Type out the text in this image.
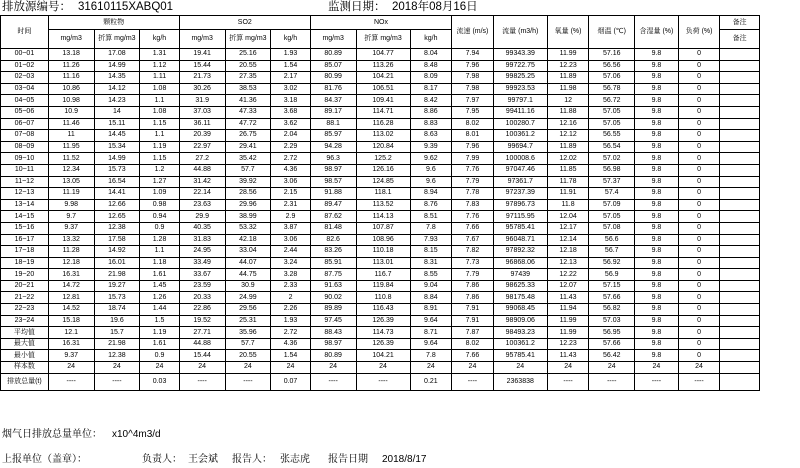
排放源编号： 31610115XABQ01	监测日期： 2018年08月16日
时间	颗粒物			SO2			NOx			流速 (m/s)	流量 (m3/h)	氧量 (%)	烟温 (℃)	含湿量 (%)	负荷 (%)	备注
	mg/m3	折算 mg/m3	kg/h	mg/m3	折算 mg/m3	kg/h	mg/m3	折算 mg/m3	kg/h							备注
00~01	13.18	17.08	1.31	19.41	25.16	1.93	80.89	104.77	8.04	7.94	99343.39	11.99	57.16	9.8	0	
01~02	11.26	14.99	1.12	15.44	20.55	1.54	85.07	113.26	8.48	7.96	99722.75	12.23	56.56	9.8	0	
02~03	11.16	14.35	1.11	21.73	27.35	2.17	80.99	104.21	8.09	7.98	99825.25	11.89	57.06	9.8	0	
03~04	10.86	14.12	1.08	30.26	38.53	3.02	81.76	106.51	8.17	7.98	99923.53	11.98	56.78	9.8	0	
04~05	10.98	14.23	1.1	31.9	41.36	3.18	84.37	109.41	8.42	7.97	99797.1	12	56.72	9.8	0	
05~06	10.9	14	1.08	37.03	47.33	3.68	89.17	114.71	8.86	7.95	99411.16	11.88	57.05	9.8	0	
06~07	11.46	15.11	1.15	36.11	47.72	3.62	88.1	116.28	8.83	8.02	100280.7	12.16	57.05	9.8	0	
07~08	11	14.45	1.1	20.39	26.75	2.04	85.97	113.02	8.63	8.01	100361.2	12.12	56.55	9.8	0	
08~09	11.95	15.34	1.19	22.97	29.41	2.29	94.28	120.84	9.39	7.96	99694.7	11.89	56.54	9.8	0	
09~10	11.52	14.99	1.15	27.2	35.42	2.72	96.3	125.2	9.62	7.99	100008.6	12.02	57.02	9.8	0	
10~11	12.34	15.73	1.2	44.88	57.7	4.36	98.97	126.16	9.6	7.76	97047.46	11.85	56.98	9.8	0	
11~12	13.05	16.54	1.27	31.42	39.92	3.06	98.57	124.85	9.6	7.79	97361.7	11.78	57.37	9.8	0	
12~13	11.19	14.41	1.09	22.14	28.56	2.15	91.88	118.1	8.94	7.78	97237.39	11.91	57.4	9.8	0	
13~14	9.98	12.66	0.98	23.63	29.96	2.31	89.47	113.52	8.76	7.83	97896.73	11.8	57.09	9.8	0	
14~15	9.7	12.65	0.94	29.9	38.99	2.9	87.62	114.13	8.51	7.76	97115.95	12.04	57.05	9.8	0	
15~16	9.37	12.38	0.9	40.35	53.32	3.87	81.48	107.87	7.8	7.66	95785.41	12.17	57.08	9.8	0	
16~17	13.32	17.58	1.28	31.83	42.18	3.06	82.6	108.96	7.93	7.67	96048.71	12.14	56.6	9.8	0	
17~18	11.28	14.92	1.1	24.95	33.04	2.44	83.26	110.18	8.15	7.82	97892.32	12.18	56.7	9.8	0	
18~19	12.18	16.01	1.18	33.49	44.07	3.24	85.91	113.01	8.31	7.73	96868.06	12.13	56.92	9.8	0	
19~20	16.31	21.98	1.61	33.67	44.75	3.28	87.75	116.7	8.55	7.79	97439	12.22	56.9	9.8	0	
20~21	14.72	19.27	1.45	23.59	30.9	2.33	91.63	119.84	9.04	7.86	98625.33	12.07	57.15	9.8	0	
21~22	12.81	15.73	1.26	20.33	24.99	2	90.02	110.8	8.84	7.86	98175.48	11.43	57.66	9.8	0	
22~23	14.52	18.74	1.44	22.86	29.56	2.26	89.89	116.43	8.91	7.91	99068.45	11.94	56.82	9.8	0	
23~24	15.18	19.6	1.5	19.52	25.31	1.93	97.45	126.39	9.64	7.91	98909.06	11.99	57.03	9.8	0	
平均值	12.1	15.7	1.19	27.71	35.96	2.72	88.43	114.73	8.71	7.87	98493.23	11.99	56.95	9.8	0	
最大值	16.31	21.98	1.61	44.88	57.7	4.36	98.97	126.39	9.64	8.02	100361.2	12.23	57.66	9.8	0	
最小值	9.37	12.38	0.9	15.44	20.55	1.54	80.89	104.21	7.8	7.66	95785.41	11.43	56.42	9.8	0	
样本数	24	24	24	24	24	24	24	24	24	24	24	24	24	24	24	
排放总量(t)	----	----	0.03	----	----	0.07	----	----	0.21	----	2363838	----	----	----	----	
烟气日排放总量单位： x10^4m3/d
上报单位（盖章）：	负责人： 王会斌 报告人： 张志虎 报告日期 2018/8/17
